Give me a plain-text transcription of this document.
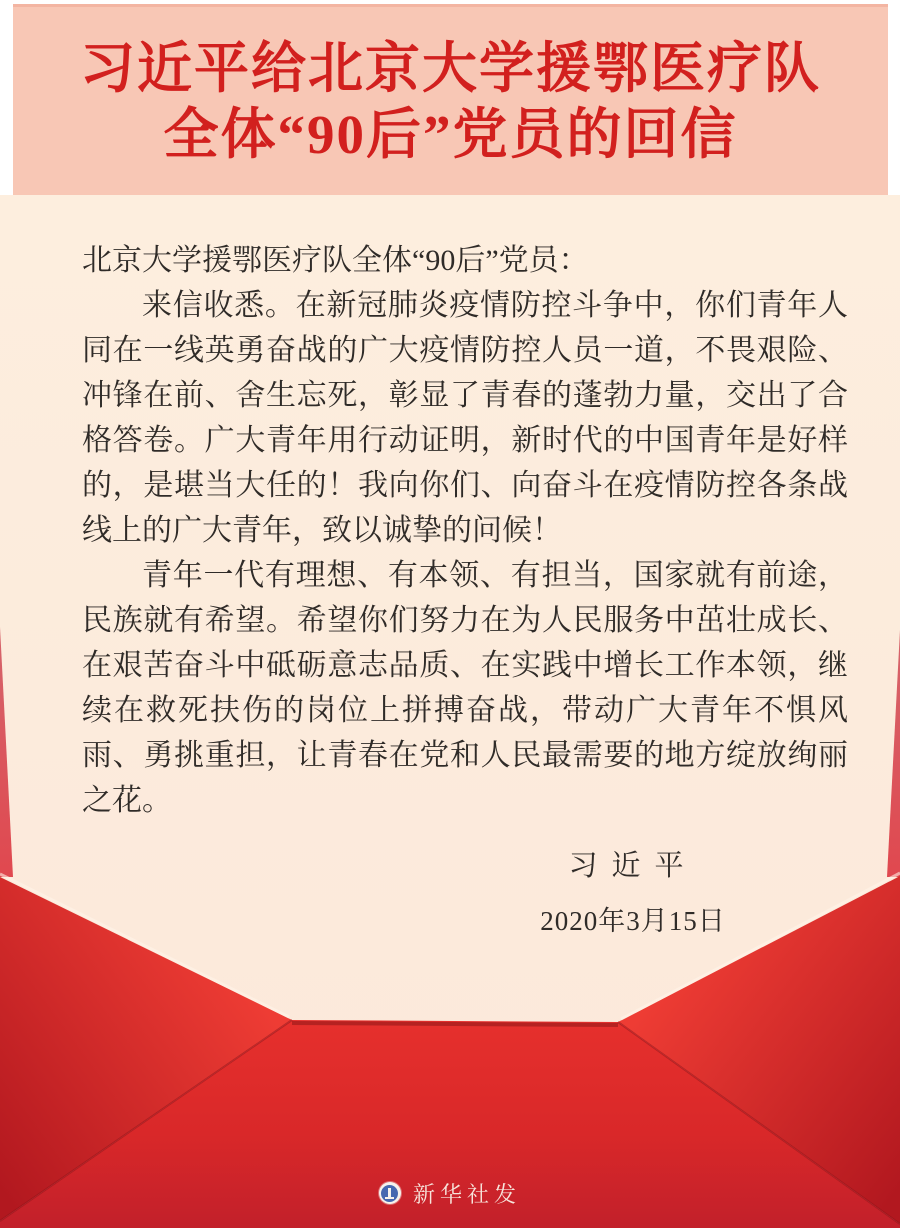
习近平给北京大学援鄂医疗队
全体“90后”党员的回信

北京大学援鄂医疗队全体“90后”党员：

来信收悉。在新冠肺炎疫情防控斗争中，你们青年人同在一线英勇奋战的广大疫情防控人员一道，不畏艰险、冲锋在前、舍生忘死，彰显了青春的蓬勃力量，交出了合格答卷。广大青年用行动证明，新时代的中国青年是好样的，是堪当大任的！我向你们、向奋斗在疫情防控各条战线上的广大青年，致以诚挚的问候！

青年一代有理想、有本领、有担当，国家就有前途，民族就有希望。希望你们努力在为人民服务中茁壮成长、在艰苦奋斗中砥砺意志品质、在实践中增长工作本领，继续在救死扶伤的岗位上拼搏奋战，带动广大青年不惧风雨、勇挑重担，让青春在党和人民最需要的地方绽放绚丽之花。

习近平
2020年3月15日
新华社发
